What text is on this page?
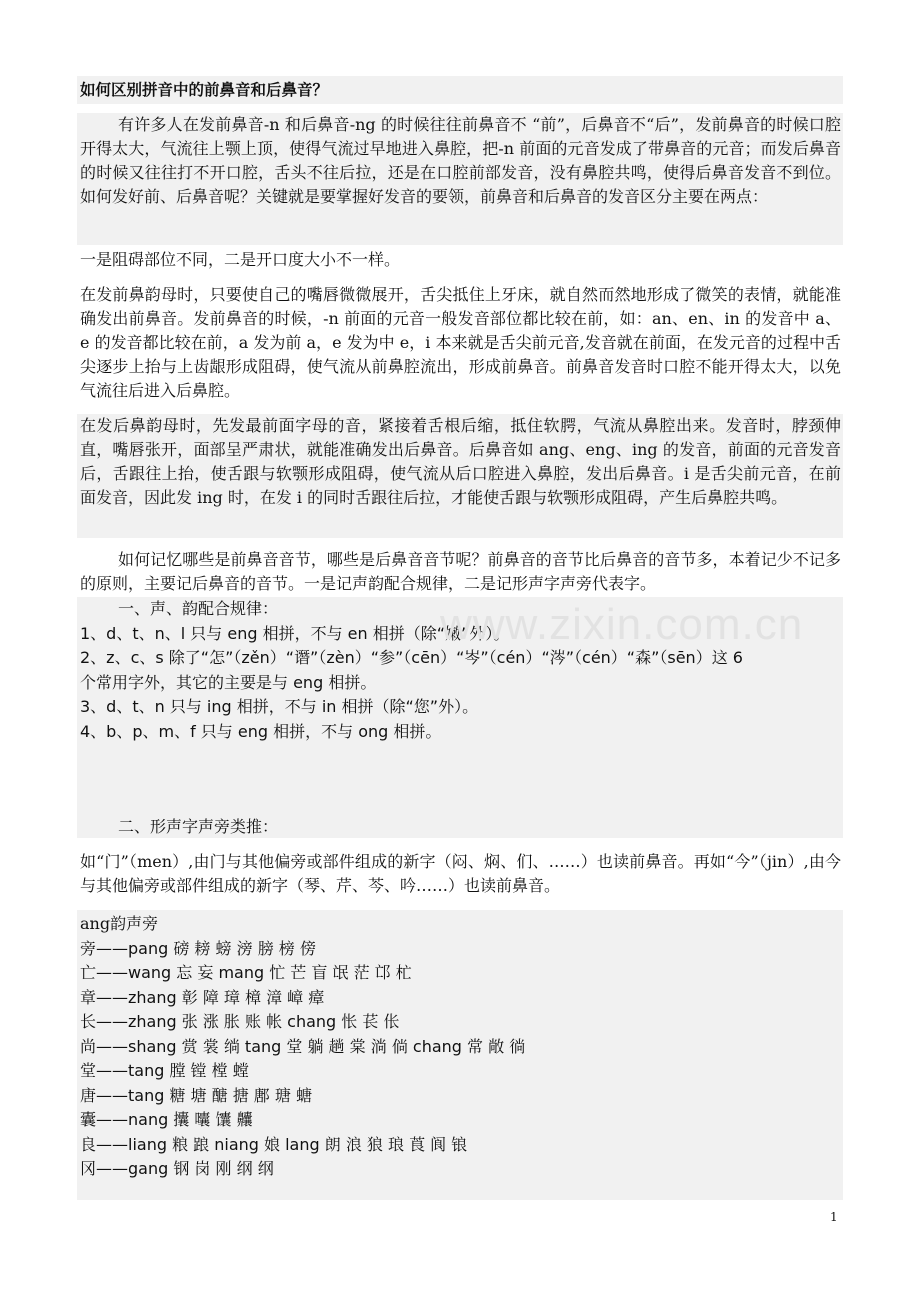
如何区别拼音中的前鼻音和后鼻音？
有许多人在发前鼻音-n 和后鼻音-ng 的时候往往前鼻音不 “前”，后鼻音不“后”，发前鼻音的时候口腔开得太大，气流往上颚上顶，使得气流过早地进入鼻腔，把-n 前面的元音发成了带鼻音的元音；而发后鼻音的时候又往往打不开口腔，舌头不往后拉，还是在口腔前部发音，没有鼻腔共鸣，使得后鼻音发音不到位。如何发好前、后鼻音呢？关键就是要掌握好发音的要领，前鼻音和后鼻音的发音区分主要在两点：
一是阻碍部位不同，二是开口度大小不一样。
在发前鼻韵母时，只要使自己的嘴唇微微展开，舌尖抵住上牙床，就自然而然地形成了微笑的表情，就能准确发出前鼻音。发前鼻音的时候，-n 前面的元音一般发音部位都比较在前，如：an、en、in 的发音中 a、e 的发音都比较在前，a 发为前 a，e 发为中 e，i 本来就是舌尖前元音,发音就在前面，在发元音的过程中舌尖逐步上抬与上齿龈形成阻碍，使气流从前鼻腔流出，形成前鼻音。前鼻音发音时口腔不能开得太大，以免气流往后进入后鼻腔。
在发后鼻韵母时，先发最前面字母的音，紧接着舌根后缩，抵住软腭，气流从鼻腔出来。发音时，脖颈伸直，嘴唇张开，面部呈严肃状，就能准确发出后鼻音。后鼻音如 ang、eng、ing 的发音，前面的元音发音后，舌跟往上抬，使舌跟与软颚形成阻碍，使气流从后口腔进入鼻腔，发出后鼻音。i 是舌尖前元音，在前面发音，因此发 ing 时，在发 i 的同时舌跟往后拉，才能使舌跟与软颚形成阻碍，产生后鼻腔共鸣。
如何记忆哪些是前鼻音音节，哪些是后鼻音音节呢？前鼻音的音节比后鼻音的音节多，本着记少不记多的原则，主要记后鼻音的音节。一是记声韵配合规律，二是记形声字声旁代表字。
一、声、韵配合规律：
1、d、t、n、l 只与 eng 相拼，不与 en 相拼（除“嫩”外）。
2、z、c、s 除了“怎”（zěn）“谮”（zèn）“参”（cēn）“岑”（cén）“涔”（cén）“森”（sēn）这 6
个常用字外，其它的主要是与 eng 相拼。
3、d、t、n 只与 ing 相拼，不与 in 相拼（除“您”外）。
4、b、p、m、f 只与 eng 相拼，不与 ong 相拼。
二、形声字声旁类推：
如“门”（men）,由门与其他偏旁或部件组成的新字（闷、焖、们、……）也读前鼻音。再如“今”（jin）,由今与其他偏旁或部件组成的新字（琴、芹、芩、吟……）也读前鼻音。
ang韵声旁
旁——pang 磅 耪 螃 滂 膀 榜 傍
亡——wang 忘 妄 mang 忙 芒 盲 氓 茫 邙 杧
章——zhang 彰 障 璋 樟 漳 嶂 瘴
长——zhang 张 涨 胀 账 帐 chang 怅 苌 伥
尚——shang 赏 裳 绱 tang 堂 躺 趟 棠 淌 倘 chang 常 敞 徜
堂——tang 膛 镗 樘 螳
唐——tang 糖 塘 醣 搪 鄌 瑭 螗
囊——nang 攮 囔 馕 齉
良——liang 粮 踉 niang 娘 lang 朗 浪 狼 琅 莨 阆 锒
冈——gang 钢 岗 刚 纲 纲
www.zixin.com.cn
1
